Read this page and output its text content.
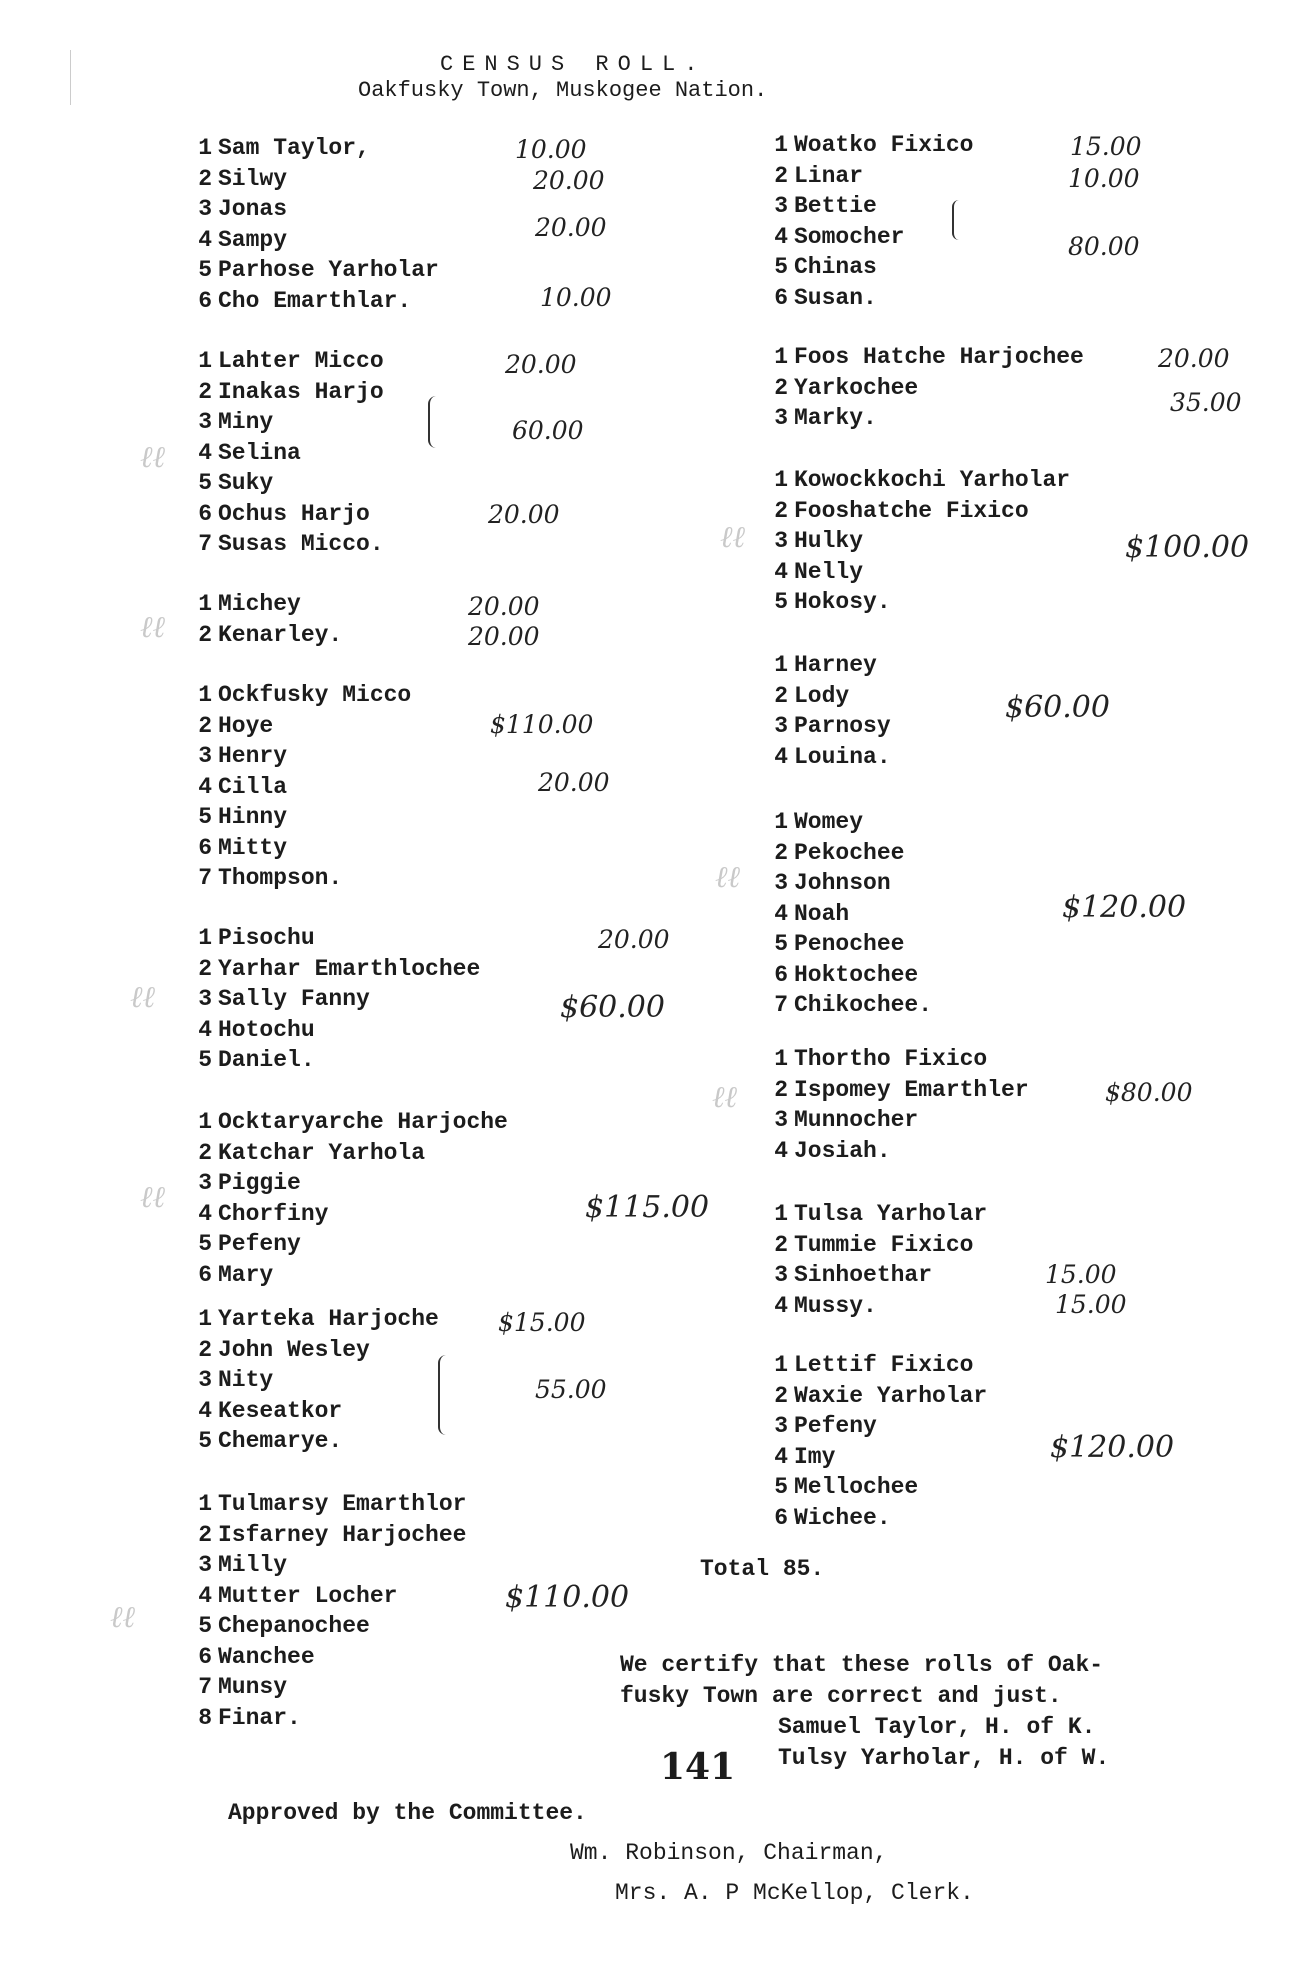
CENSUS ROLL.
Oakfusky Town, Muskogee Nation.
1 Sam Taylor,
2 Silwy
3 Jonas
4 Sampy
5 Parhose Yarholar
6 Cho Emarthlar.
1 Lahter Micco
2 Inakas Harjo
3 Miny
4 Selina
5 Suky
6 Ochus Harjo
7 Susas Micco.
1 Michey
2 Kenarley.
1 Ockfusky Micco
2 Hoye
3 Henry
4 Cilla
5 Hinny
6 Mitty
7 Thompson.
1 Pisochu
2 Yarhar Emarthlochee
3 Sally Fanny
4 Hotochu
5 Daniel.
1 Ocktaryarche Harjoche
2 Katchar Yarhola
3 Piggie
4 Chorfiny
5 Pefeny
6 Mary
1 Yarteka Harjoche
2 John Wesley
3 Nity
4 Keseatkor
5 Chemarye.
1 Tulmarsy Emarthlor
2 Isfarney Harjochee
3 Milly
4 Mutter Locher
5 Chepanochee
6 Wanchee
7 Munsy
8 Finar.
1 Woatko Fixico
2 Linar
3 Bettie
4 Somocher
5 Chinas
6 Susan.
1 Foos Hatche Harjochee
2 Yarkochee
3 Marky.
1 Kowockkochi Yarholar
2 Fooshatche Fixico
3 Hulky
4 Nelly
5 Hokosy.
1 Harney
2 Lody
3 Parnosy
4 Louina.
1 Womey
2 Pekochee
3 Johnson
4 Noah
5 Penochee
6 Hoktochee
7 Chikochee.
1 Thortho Fixico
2 Ispomey Emarthler
3 Munnocher
4 Josiah.
1 Tulsa Yarholar
2 Tummie Fixico
3 Sinhoethar
4 Mussy.
1 Lettif Fixico
2 Waxie Yarholar
3 Pefeny
4 Imy
5 Mellochee
6 Wichee.
10.00
20.00
20.00
10.00
20.00
60.00
20.00
20.00
20.00
$110.00
20.00
20.00
$60.00
$115.00
$15.00
55.00
$110.00
15.00
10.00
80.00
20.00
35.00
$100.00
$60.00
$120.00
$80.00
15.00
15.00
$120.00
ℓℓ
ℓℓ
ℓℓ
ℓℓ
ℓℓ
ℓℓ
ℓℓ
ℓℓ
Total 85.
We certify that these rolls of Oak-
fusky Town are correct and just.
Samuel Taylor, H. of K.
Tulsy Yarholar, H. of W.
141
Approved by the Committee.
Wm. Robinson, Chairman,
Mrs. A. P McKellop, Clerk.
